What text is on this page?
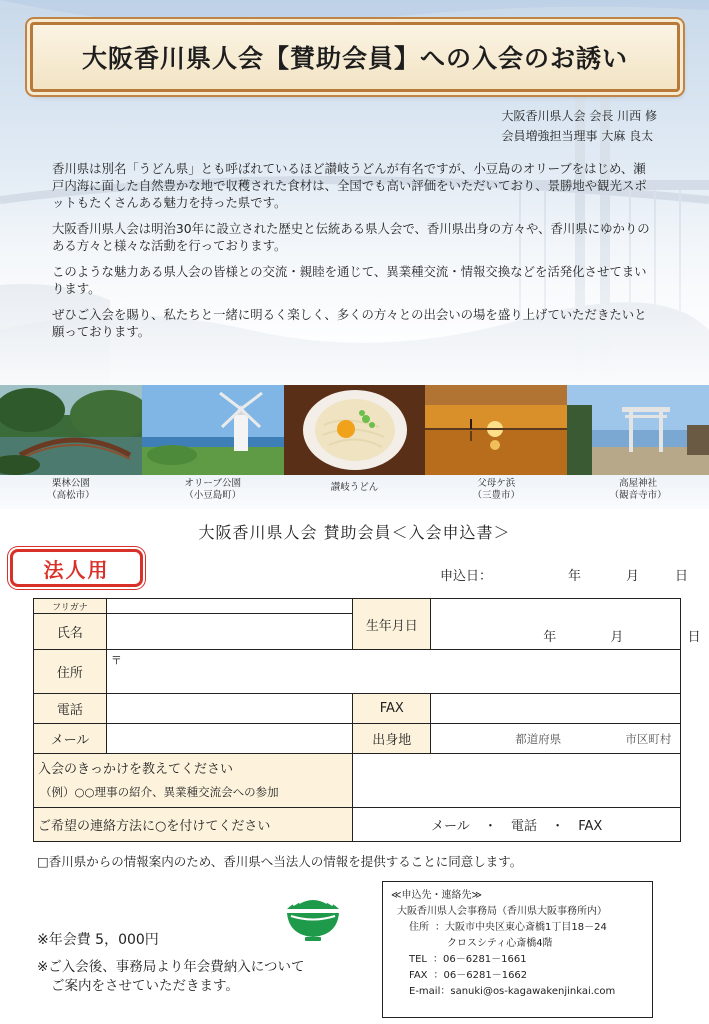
大阪香川県人会【賛助会員】への入会のお誘い
大阪香川県人会 会長 川西 修
会員増強担当理事 大麻 良太

香川県は別名「うどん県」とも呼ばれているほど讃岐うどんが有名ですが、小豆島のオリーブをはじめ、瀬戸内海に面した自然豊かな地で収穫された食材は、全国でも高い評価をいただいており、景勝地や観光スポットもたくさんある魅力を持った県です。

大阪香川県人会は明治30年に設立された歴史と伝統ある県人会で、香川県出身の方々や、香川県にゆかりのある方々と様々な活動を行っております。

このような魅力ある県人会の皆様との交流・親睦を通じて、異業種交流・情報交換などを活発化させてまいります。

ぜひご入会を賜り、私たちと一緒に明るく楽しく、多くの方々との出会いの場を盛り上げていただきたいと願っております。

栗林公園
（高松市）
オリーブ公園
（小豆島町）
讃岐うどん	父母ケ浜
（三豊市）
高屋神社
（観音寺市）
大阪香川県人会 賛助会員＜入会申込書＞
法人用	申込日：	年	月	日
フリガナ		生年月日	年 月 日
氏名			
住所	〒		
電話		FAX	
メール		出身地	都道府県 市区町村

入会のきっかけを教えてください
（例）○○理事の紹介、異業種交流会への参加			

ご希望の連絡方法に○を付けてください		メール ・ 電話 ・ FAX	
□香川県からの情報案内のため、香川県へ当法人の情報を提供することに同意します。
※年会費 5，000円
※ご入会後、事務局より年会費納入について
ご案内をさせていただきます。
≪申込先・連絡先≫
大阪香川県人会事務局（香川県大阪事務所内）
住所 ：大阪市中央区東心斎橋1丁目18－24
クロスシティ心斎橋4階
TEL ：06－6281－1661
FAX ：06－6281－1662
E-mail：sanuki@os-kagawakenjinkai.com
